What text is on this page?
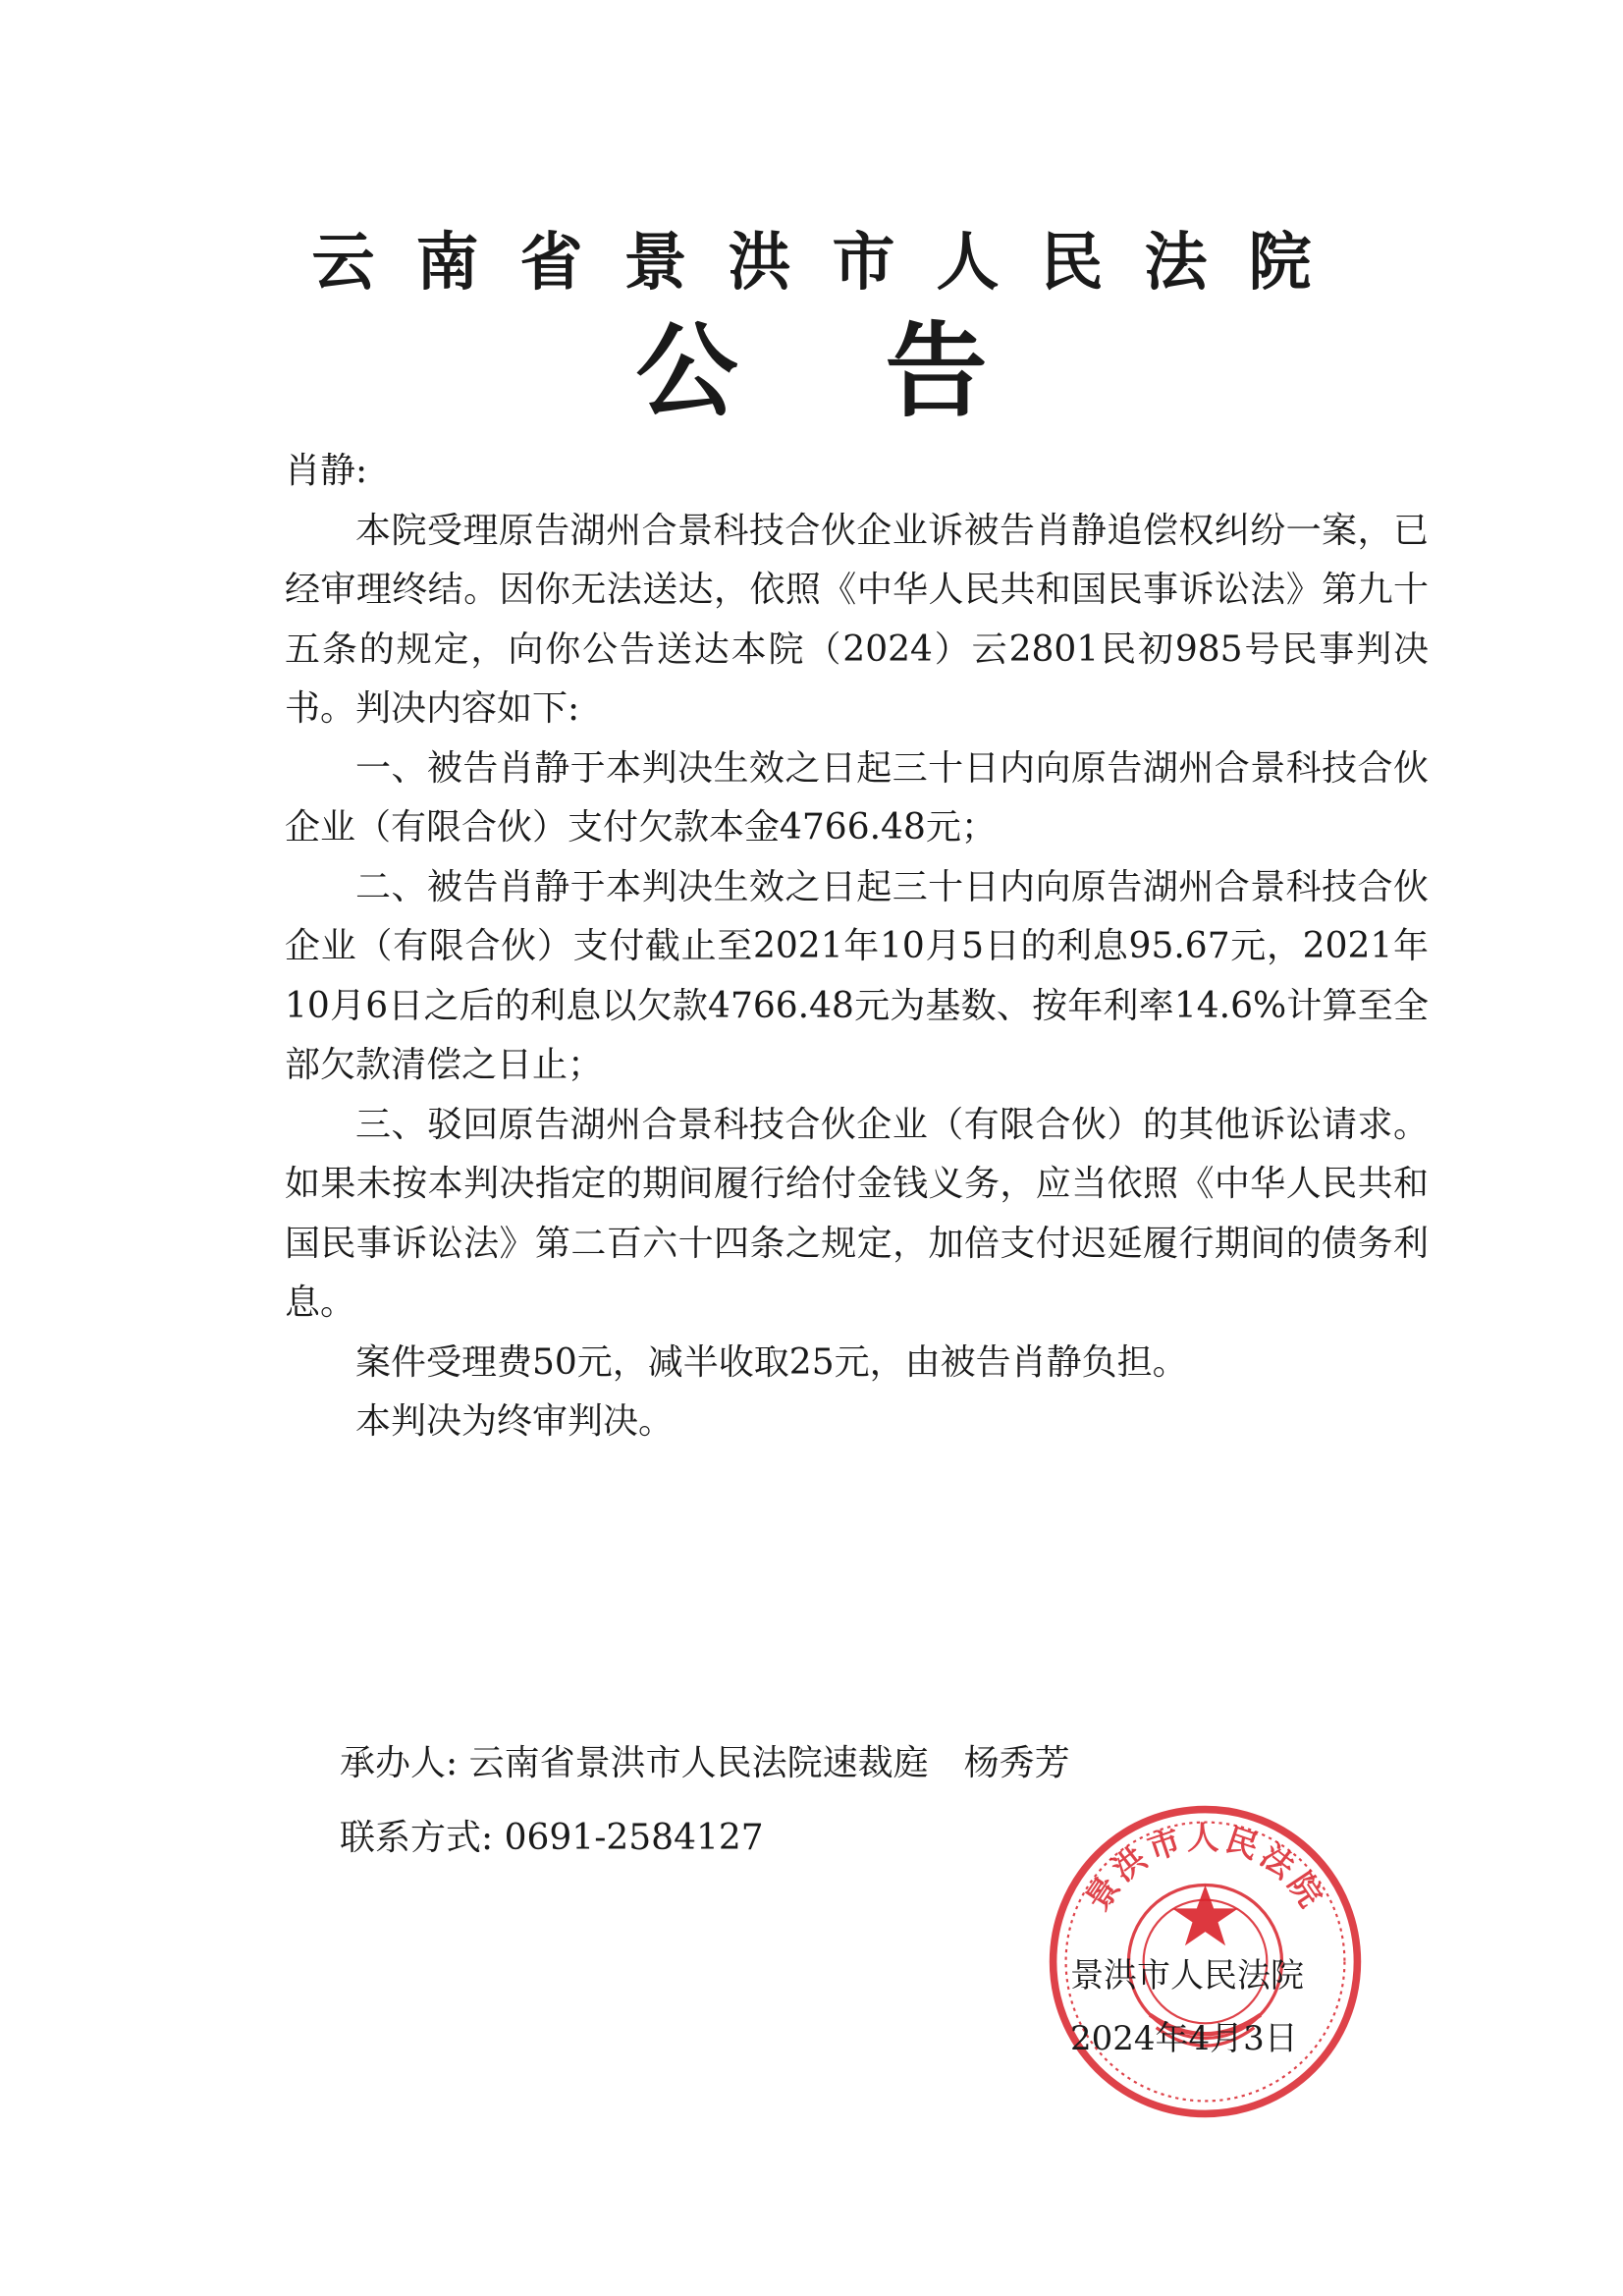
云南省景洪市人民法院
公告

肖静:

本院受理原告湖州合景科技合伙企业诉被告肖静追偿权纠纷一案，已经审理终结。因你无法送达，依照《中华人民共和国民事诉讼法》第九十五条的规定，向你公告送达本院（2024）云2801民初985号民事判决书。判决内容如下:

一、被告肖静于本判决生效之日起三十日内向原告湖州合景科技合伙企业（有限合伙）支付欠款本金4766.48元；

二、被告肖静于本判决生效之日起三十日内向原告湖州合景科技合伙企业（有限合伙）支付截止至2021年10月5日的利息95.67元，2021年10月6日之后的利息以欠款4766.48元为基数、按年利率14.6%计算至全部欠款清偿之日止；

三、驳回原告湖州合景科技合伙企业（有限合伙）的其他诉讼请求。如果未按本判决指定的期间履行给付金钱义务，应当依照《中华人民共和国民事诉讼法》第二百六十四条之规定，加倍支付迟延履行期间的债务利息。

案件受理费50元，减半收取25元，由被告肖静负担。

本判决为终审判决。

承办人: 云南省景洪市人民法院速裁庭 杨秀芳
联系方式: 0691-2584127
景洪市人民法院
景洪市人民法院
2024年4月3日
